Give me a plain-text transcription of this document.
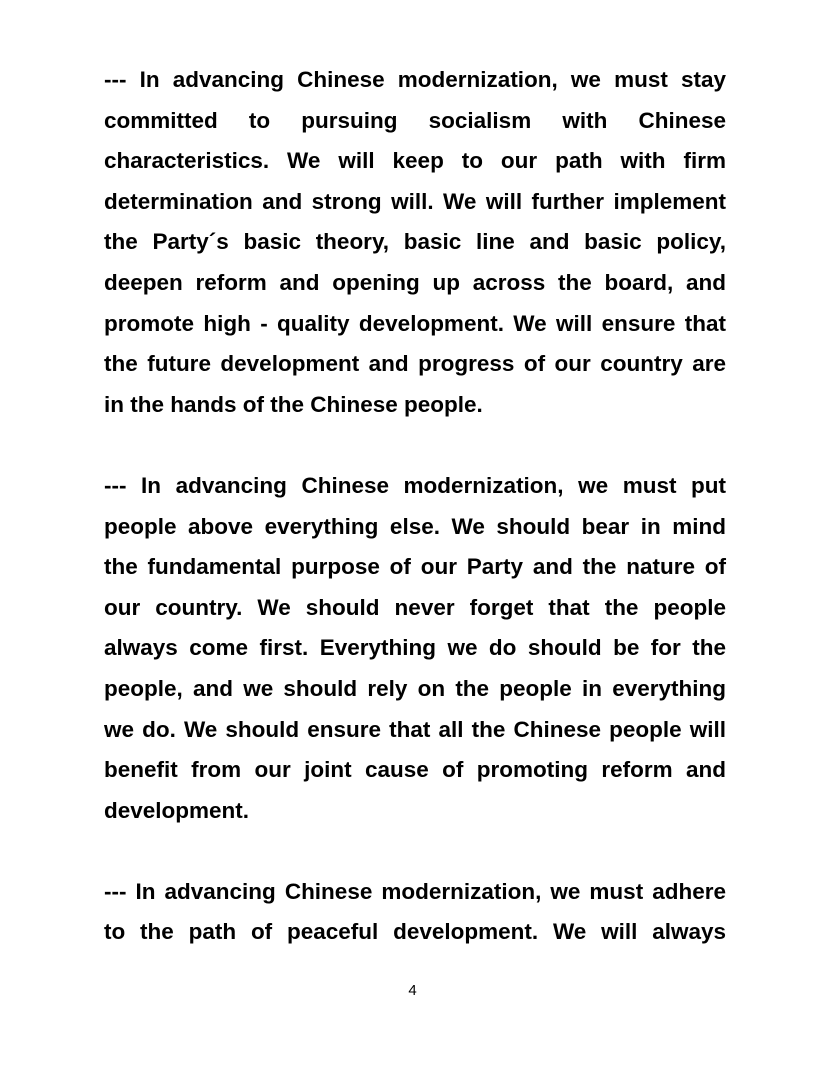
--- In advancing Chinese modernization, we must stay
committed to pursuing socialism with Chinese
characteristics. We will keep to our path with firm
determination and strong will. We will further implement
the Party´s basic theory, basic line and basic policy,
deepen reform and opening up across the board, and
promote high - quality development. We will ensure that
the future development and progress of our country are
in the hands of the Chinese people.
--- In advancing Chinese modernization, we must put
people above everything else. We should bear in mind
the fundamental purpose of our Party and the nature of
our country. We should never forget that the people
always come first. Everything we do should be for the
people, and we should rely on the people in everything
we do. We should ensure that all the Chinese people will
benefit from our joint cause of promoting reform and
development.
--- In advancing Chinese modernization, we must adhere
to the path of peaceful development. We will always
4
